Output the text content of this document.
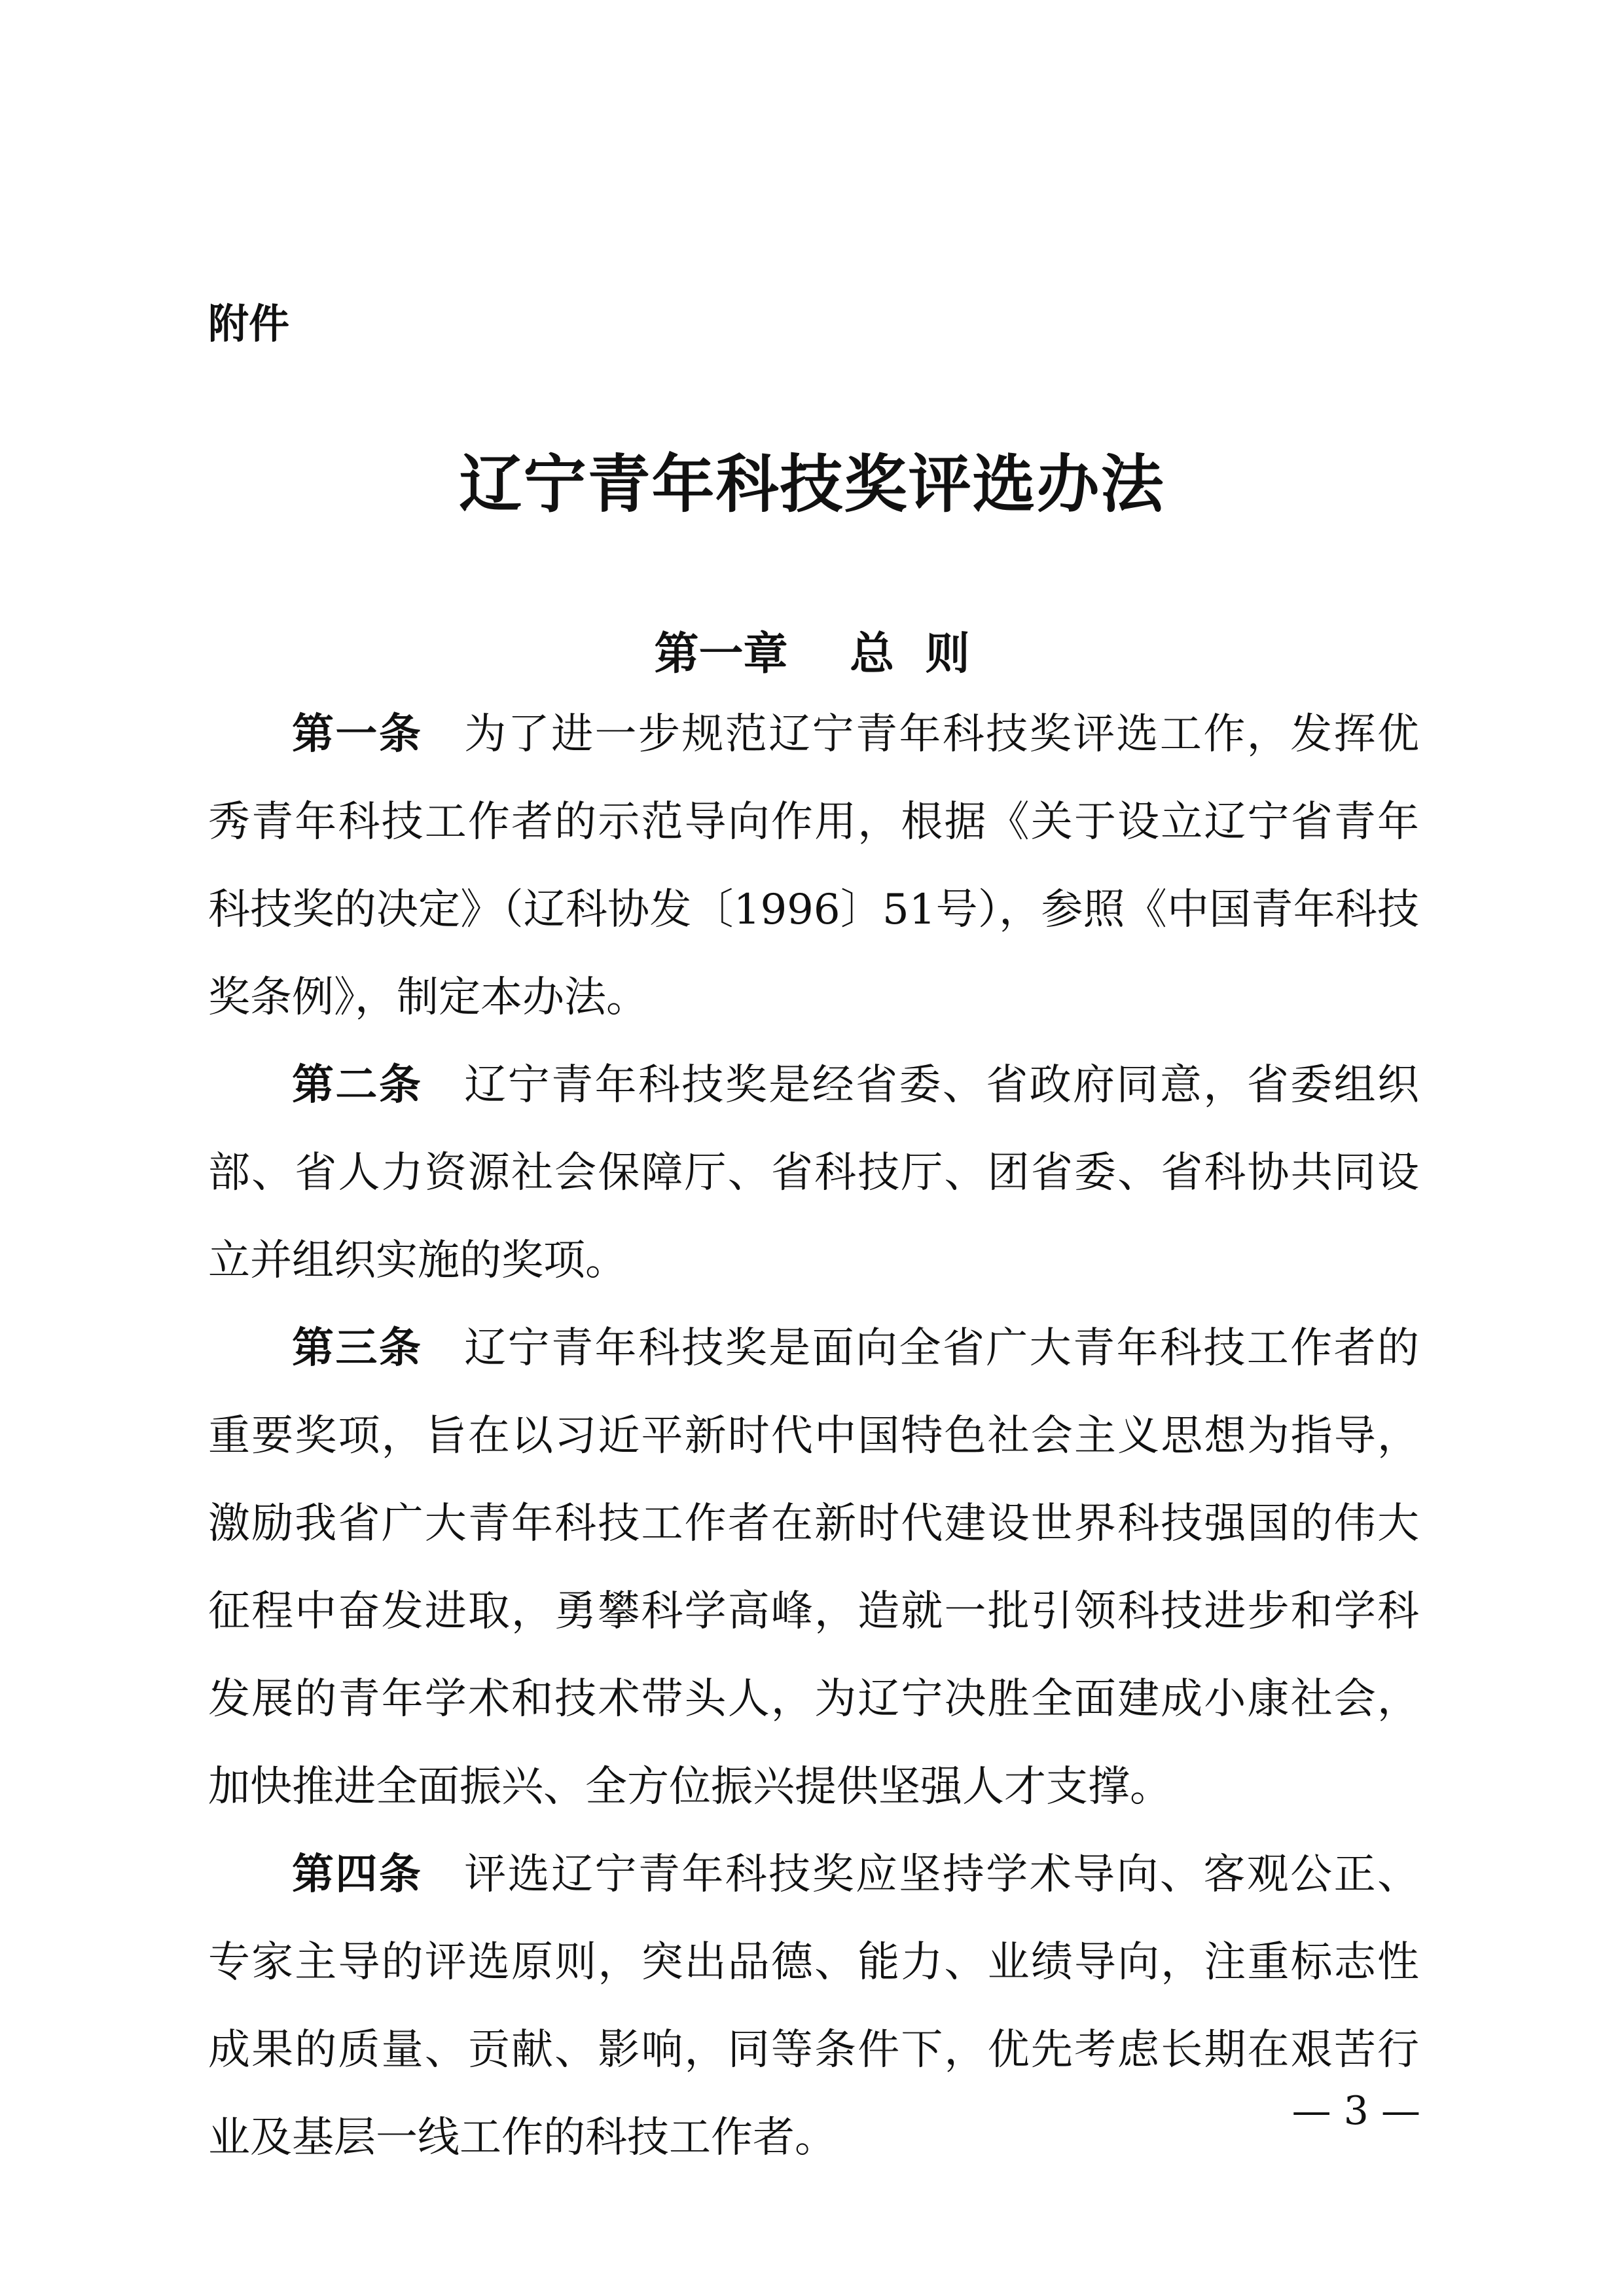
附件
辽宁青年科技奖评选办法
第一章    总  则

第一条 为了进一步规范辽宁青年科技奖评选工作，发挥优秀青年科技工作者的示范导向作用，根据《关于设立辽宁省青年科技奖的决定》（辽科协发〔1996〕51号），参照《中国青年科技奖条例》，制定本办法。

第二条 辽宁青年科技奖是经省委、省政府同意，省委组织部、省人力资源社会保障厅、省科技厅、团省委、省科协共同设立并组织实施的奖项。

第三条 辽宁青年科技奖是面向全省广大青年科技工作者的重要奖项，旨在以习近平新时代中国特色社会主义思想为指导，激励我省广大青年科技工作者在新时代建设世界科技强国的伟大征程中奋发进取，勇攀科学高峰，造就一批引领科技进步和学科发展的青年学术和技术带头人，为辽宁决胜全面建成小康社会，加快推进全面振兴、全方位振兴提供坚强人才支撑。

第四条 评选辽宁青年科技奖应坚持学术导向、客观公正、专家主导的评选原则，突出品德、能力、业绩导向，注重标志性成果的质量、贡献、影响，同等条件下，优先考虑长期在艰苦行业及基层一线工作的科技工作者。

— 3 —
